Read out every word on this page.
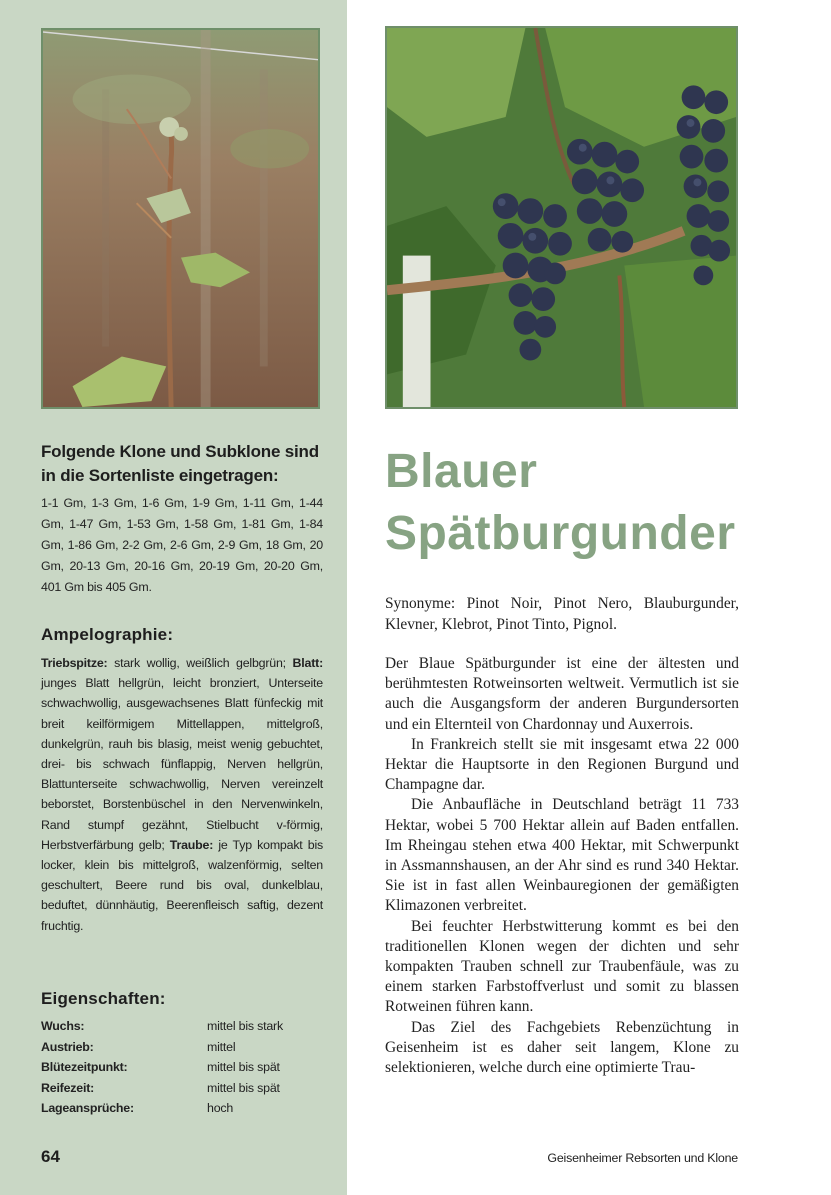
Folgende Klone und Subklone sind in die Sortenliste eingetragen:
1-1 Gm, 1-3 Gm, 1-6 Gm, 1-9 Gm, 1-11 Gm, 1-44 Gm, 1-47 Gm, 1-53 Gm, 1-58 Gm, 1-81 Gm, 1-84 Gm, 1-86 Gm, 2-2 Gm, 2-6 Gm, 2-9 Gm, 18 Gm, 20 Gm, 20-13 Gm, 20-16 Gm, 20-19 Gm, 20-20 Gm, 401 Gm bis 405 Gm.
Ampelographie:
Triebspitze: stark wollig, weißlich gelbgrün; Blatt: junges Blatt hellgrün, leicht bronziert, Unterseite schwachwollig, ausgewachsenes Blatt fünfeckig mit breit keilförmigem Mittellappen, mittelgroß, dunkelgrün, rauh bis blasig, meist wenig gebuchtet, drei- bis schwach fünflappig, Nerven hellgrün, Blattunterseite schwachwollig, Nerven vereinzelt beborstet, Borstenbüschel in den Nervenwinkeln, Rand stumpf gezähnt, Stielbucht v-förmig, Herbstverfärbung gelb; Traube: je Typ kompakt bis locker, klein bis mittelgroß, walzenförmig, selten geschultert, Beere rund bis oval, dunkelblau, beduftet, dünnhäutig, Beerenfleisch saftig, dezent fruchtig.
Eigenschaften:
Wuchs:	mittel bis stark
Austrieb:	mittel
Blütezeitpunkt:	mittel bis spät
Reifezeit:	mittel bis spät
Lageansprüche:	hoch
64
Blauer
Spätburgunder
Synonyme: Pinot Noir, Pinot Nero, Blauburgunder, Klevner, Klebrot, Pinot Tinto, Pignol.

Der Blaue Spätburgunder ist eine der ältesten und berühmtesten Rotweinsorten weltweit. Vermutlich ist sie auch die Ausgangsform der anderen Burgundersorten und ein Elternteil von Chardonnay und Auxerrois.

In Frankreich stellt sie mit insgesamt etwa 22 000 Hektar die Hauptsorte in den Regionen Burgund und Champagne dar.

Die Anbaufläche in Deutschland beträgt 11 733 Hektar, wobei 5 700 Hektar allein auf Baden entfallen. Im Rheingau stehen etwa 400 Hektar, mit Schwerpunkt in Assmannshausen, an der Ahr sind es rund 340 Hektar. Sie ist in fast allen Weinbauregionen der gemäßigten Klimazonen verbreitet.

Bei feuchter Herbstwitterung kommt es bei den traditionellen Klonen wegen der dichten und sehr kompakten Trauben schnell zur Traubenfäule, was zu einem starken Farbstoffverlust und somit zu blassen Rotweinen führen kann.

Das Ziel des Fachgebiets Rebenzüchtung in Geisenheim ist es daher seit langem, Klone zu selektionieren, welche durch eine optimierte Trau-

Geisenheimer Rebsorten und Klone
